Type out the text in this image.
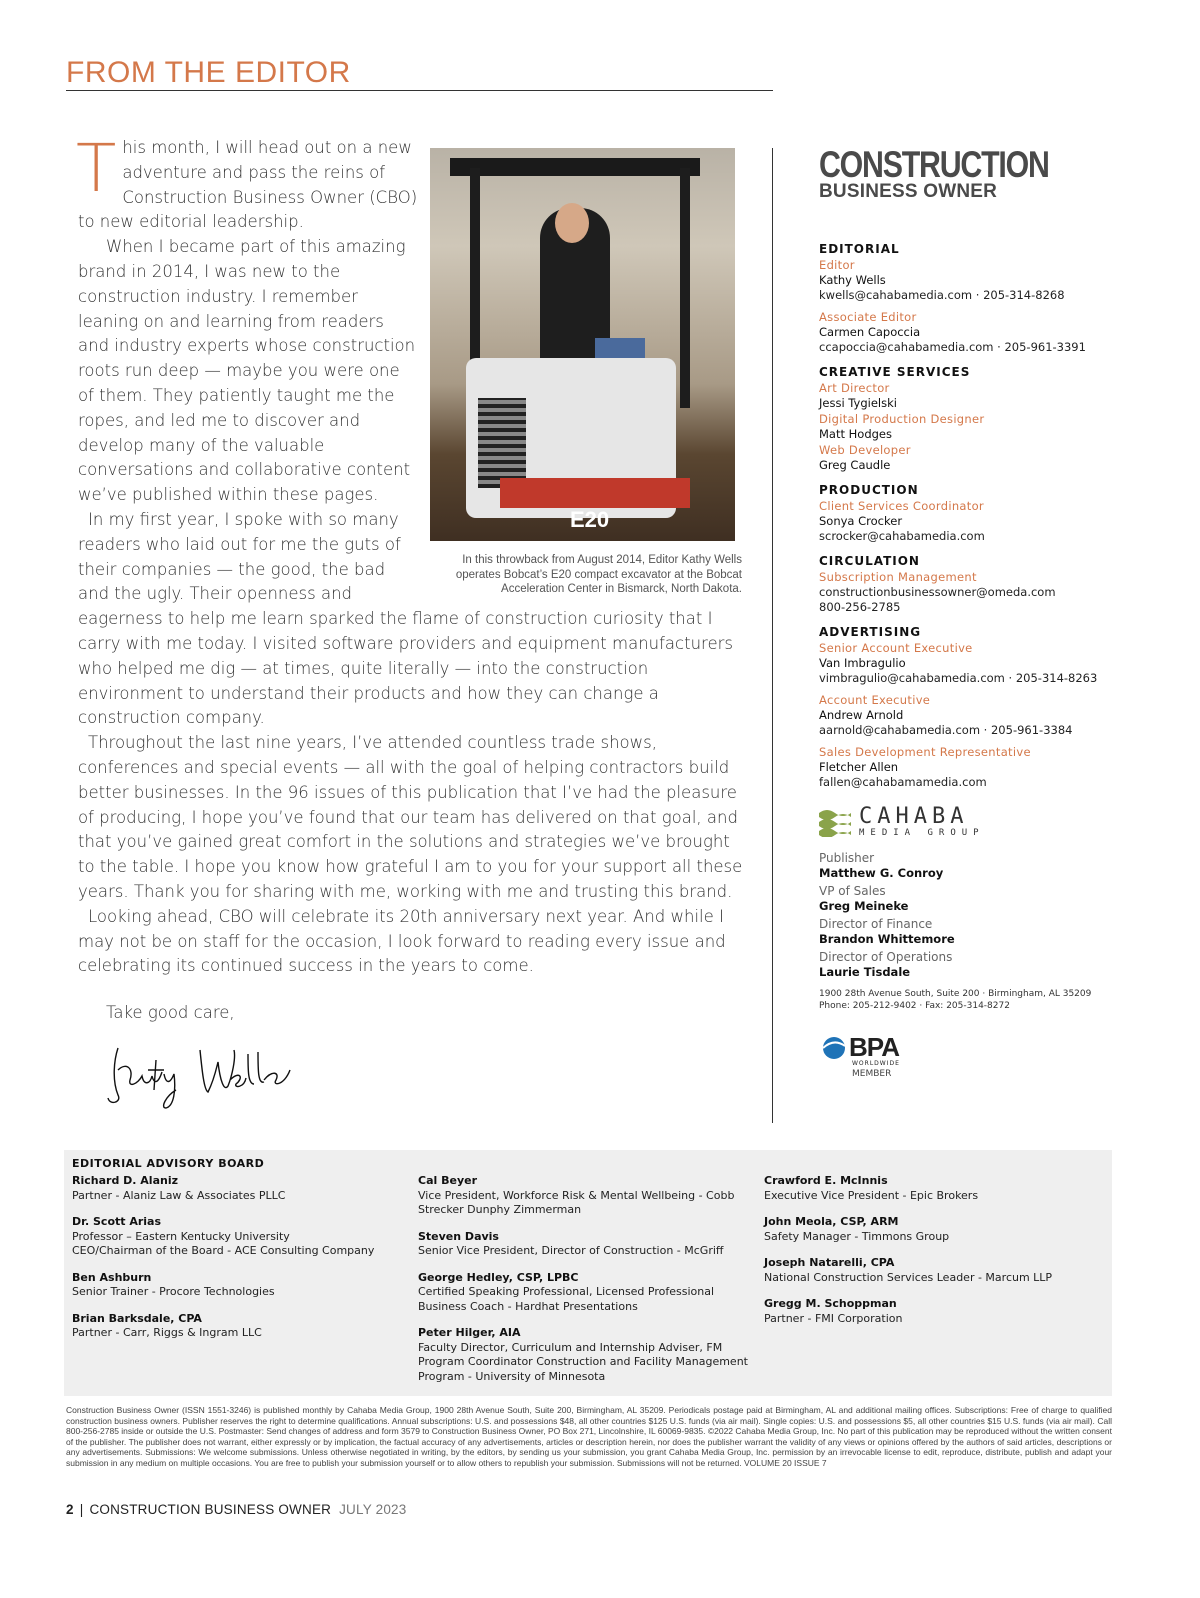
FROM THE EDITOR
E20
In this throwback from August 2014, Editor Kathy Wells operates Bobcat’s E20 compact excavator at the Bobcat Acceleration Center in Bismarck, North Dakota.

This month, I will head out on a new adventure and pass the reins of Construction Business Owner (CBO) to new editorial leadership.

When I became part of this amazing brand in 2014, I was new to the construction industry. I remember leaning on and learning from readers and industry experts whose construction roots run deep — maybe you were one of them. They patiently taught me the ropes, and led me to discover and develop many of the valuable conversations and collaborative content we’ve published within these pages.

In my first year, I spoke with so many readers who laid out for me the guts of their companies — the good, the bad and the ugly. Their openness and eagerness to help me learn sparked the flame of construction curiosity that I carry with me today. I visited software providers and equipment manufacturers who helped me dig — at times, quite literally — into the construction environment to understand their products and how they can change a construction company.

Throughout the last nine years, I’ve attended countless trade shows, conferences and special events — all with the goal of helping contractors build better businesses. In the 96 issues of this publication that I’ve had the pleasure of producing, I hope you’ve found that our team has delivered on that goal, and that you’ve gained great comfort in the solutions and strategies we’ve brought to the table. I hope you know how grateful I am to you for your support all these years. Thank you for sharing with me, working with me and trusting this brand.

Looking ahead, CBO will celebrate its 20th anniversary next year. And while I may not be on staff for the occasion, I look forward to reading every issue and celebrating its continued success in the years to come.

Take good care,

CONSTRUCTION
BUSINESS OWNER
EDITORIAL
Editor
Kathy Wells
kwells@cahabamedia.com · 205-314-8268
Associate Editor
Carmen Capoccia
ccapoccia@cahabamedia.com · 205-961-3391
CREATIVE SERVICES
Art Director
Jessi Tygielski
Digital Production Designer
Matt Hodges
Web Developer
Greg Caudle
PRODUCTION
Client Services Coordinator
Sonya Crocker
scrocker@cahabamedia.com
CIRCULATION
Subscription Management
constructionbusinessowner@omeda.com
800-256-2785
ADVERTISING
Senior Account Executive
Van Imbragulio
vimbragulio@cahabamedia.com · 205-314-8263
Account Executive
Andrew Arnold
aarnold@cahabamedia.com · 205-961-3384
Sales Development Representative
Fletcher Allen
fallen@cahabamamedia.com
CAHABA
MEDIA GROUP
Publisher
Matthew G. Conroy
VP of Sales
Greg Meineke
Director of Finance
Brandon Whittemore
Director of Operations
Laurie Tisdale
1900 28th Avenue South, Suite 200 · Birmingham, AL 35209
Phone: 205-212-9402 · Fax: 205-314-8272
BPA
WORLDWIDE
MEMBER
EDITORIAL ADVISORY BOARD
Richard D. Alaniz
Partner - Alaniz Law & Associates PLLC
Dr. Scott Arias
Professor – Eastern Kentucky University
CEO/Chairman of the Board - ACE Consulting Company
Ben Ashburn
Senior Trainer - Procore Technologies
Brian Barksdale, CPA
Partner - Carr, Riggs & Ingram LLC
Cal Beyer
Vice President, Workforce Risk & Mental Wellbeing - Cobb Strecker Dunphy Zimmerman
Steven Davis
Senior Vice President, Director of Construction - McGriff
George Hedley, CSP, LPBC
Certified Speaking Professional, Licensed Professional Business Coach - Hardhat Presentations
Peter Hilger, AIA
Faculty Director, Curriculum and Internship Adviser, FM Program Coordinator Construction and Facility Management Program - University of Minnesota
Crawford E. McInnis
Executive Vice President - Epic Brokers
John Meola, CSP, ARM
Safety Manager - Timmons Group
Joseph Natarelli, CPA
National Construction Services Leader - Marcum LLP
Gregg M. Schoppman
Partner - FMI Corporation
Construction Business Owner (ISSN 1551-3246) is published monthly by Cahaba Media Group, 1900 28th Avenue South, Suite 200, Birmingham, AL 35209. Periodicals postage paid at Birmingham, AL and additional mailing offices. Subscriptions: Free of charge to qualified construction business owners. Publisher reserves the right to determine qualifications. Annual subscriptions: U.S. and possessions $48, all other countries $125 U.S. funds (via air mail). Single copies: U.S. and possessions $5, all other countries $15 U.S. funds (via air mail). Call 800-256-2785 inside or outside the U.S. Postmaster: Send changes of address and form 3579 to Construction Business Owner, PO Box 271, Lincolnshire, IL 60069-9835. ©2022 Cahaba Media Group, Inc. No part of this publication may be reproduced without the written consent of the publisher. The publisher does not warrant, either expressly or by implication, the factual accuracy of any advertisements, articles or description herein, nor does the publisher warrant the validity of any views or opinions offered by the authors of said articles, descriptions or any advertisements. Submissions: We welcome submissions. Unless otherwise negotiated in writing, by the editors, by sending us your submission, you grant Cahaba Media Group, Inc. permission by an irrevocable license to edit, reproduce, distribute, publish and adapt your submission in any medium on multiple occasions. You are free to publish your submission yourself or to allow others to republish your submission. Submissions will not be returned. VOLUME 20 ISSUE 7
2 | CONSTRUCTION BUSINESS OWNER JULY 2023
